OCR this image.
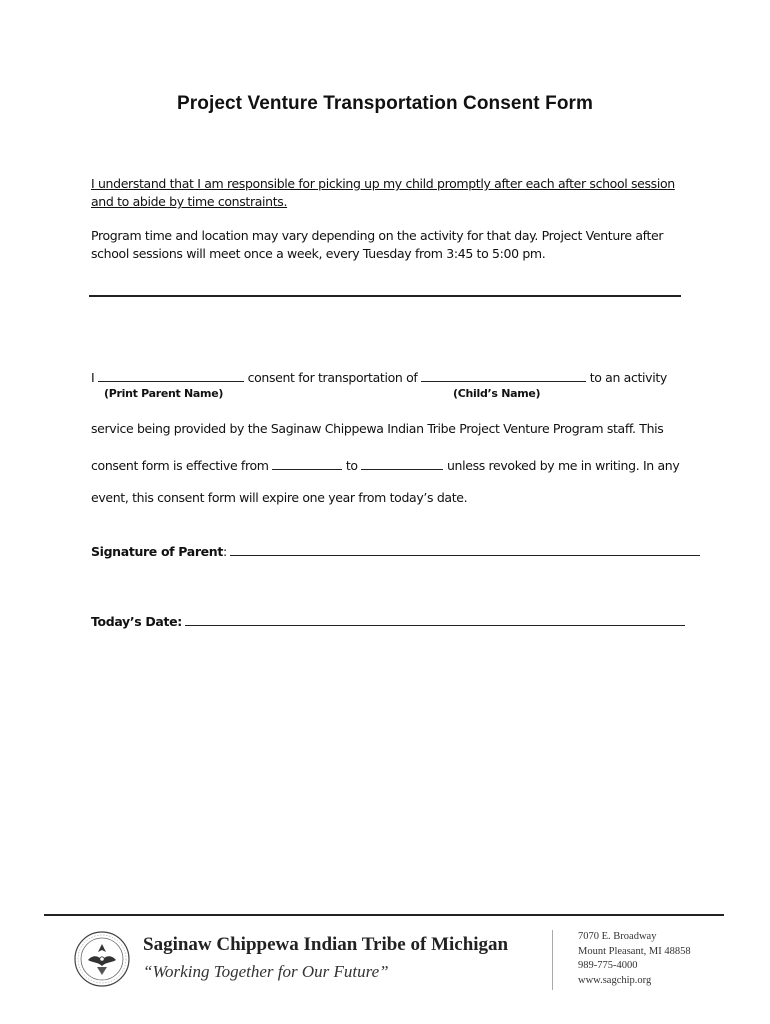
Project Venture Transportation Consent Form
I understand that I am responsible for picking up my child promptly after each after school session and to abide by time constraints.
Program time and location may vary depending on the activity for that day. Project Venture after school sessions will meet once a week, every Tuesday from 3:45 to 5:00 pm.
I	consent for transportation of	to an activity
(Print Parent Name)	(Child’s Name)
service being provided by the Saginaw Chippewa Indian Tribe Project Venture Program staff. This
consent form is effective from	to	unless revoked by me in writing. In any
event, this consent form will expire one year from today’s date.
Signature of Parent:
Today’s Date:
Saginaw Chippewa Indian Tribe of Michigan
“Working Together for Our Future”
7070 E. Broadway
Mount Pleasant, MI 48858
989-775-4000
www.sagchip.org
